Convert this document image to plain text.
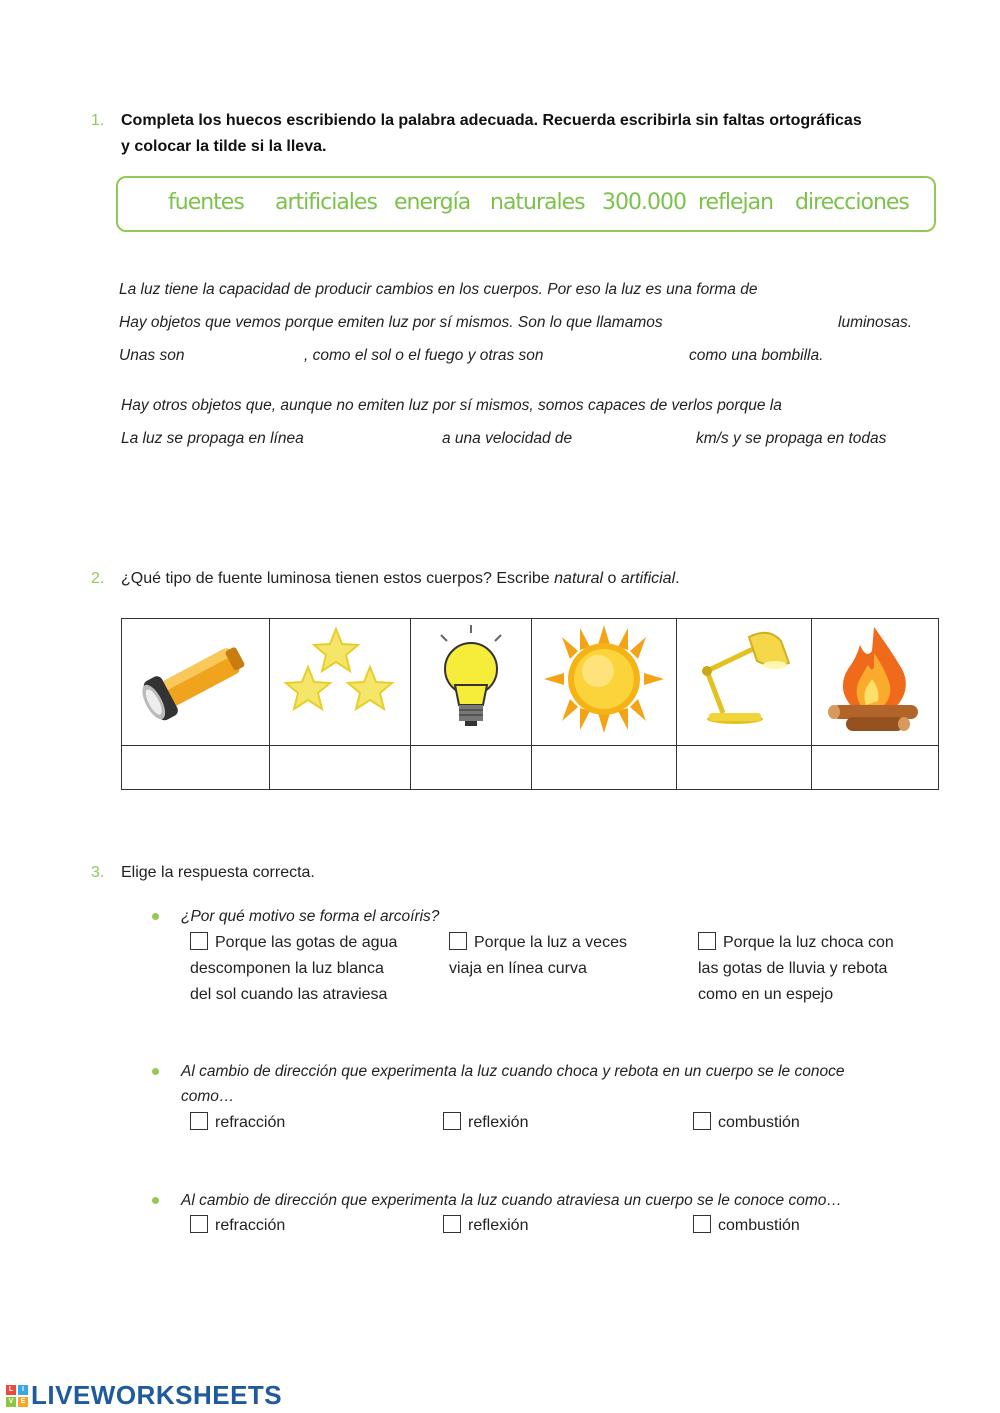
1. Completa los huecos escribiendo la palabra adecuada. Recuerda escribirla sin faltas ortográficas
y colocar la tilde si la lleva.
fuentes artificiales energía naturales 300.000 reflejan direcciones
La luz tiene la capacidad de producir cambios en los cuerpos. Por eso la luz es una forma de
Hay objetos que vemos porque emiten luz por sí mismos. Son lo que llamamos	luminosas.
Unas son	, como el sol o el fuego y otras son	como una bombilla.
Hay otros objetos que, aunque no emiten luz por sí mismos, somos capaces de verlos porque la
La luz se propaga en línea	a una velocidad de	km/s y se propaga en todas
2. ¿Qué tipo de fuente luminosa tienen estos cuerpos? Escribe natural o artificial.

3. Elige la respuesta correcta.
¿Por qué motivo se forma el arcoíris?
Porque las gotas de agua
descomponen la luz blanca
del sol cuando las atraviesa
Porque la luz a veces
viaja en línea curva
Porque la luz choca con
las gotas de lluvia y rebota
como en un espejo
Al cambio de dirección que experimenta la luz cuando choca y rebota en un cuerpo se le conoce
como…
refracción	reflexión	combustión
Al cambio de dirección que experimenta la luz cuando atraviesa un cuerpo se le conoce como…
refracción	reflexión	combustión
L	I
V	E LIVEWORKSHEETS
